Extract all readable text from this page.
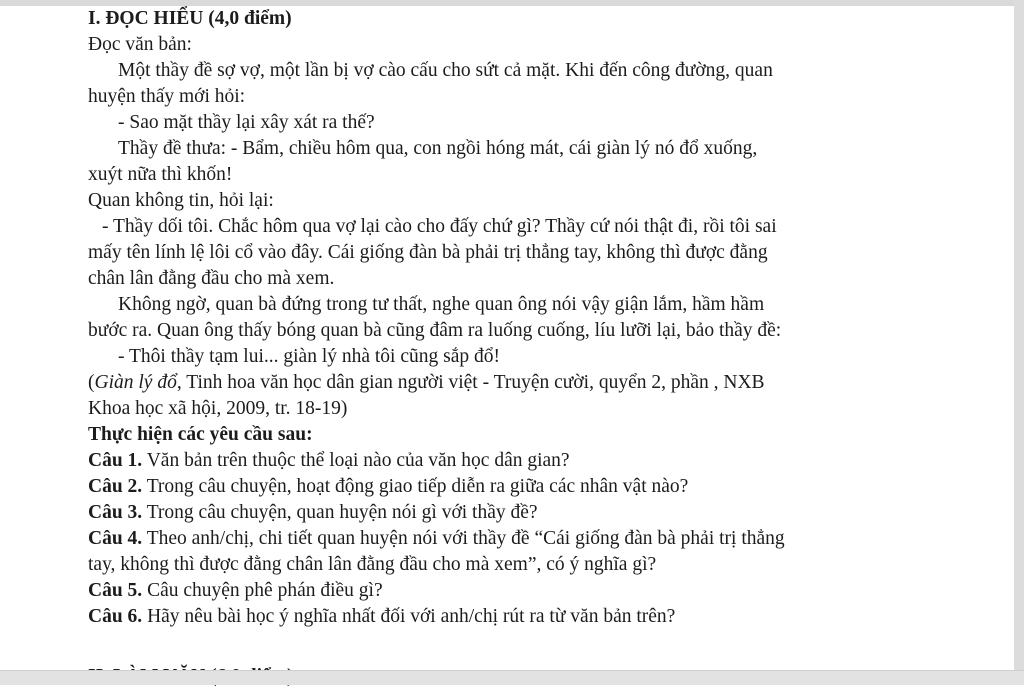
I. ĐỌC HIỂU (4,0 điểm)
Đọc văn bản:
Một thầy đề sợ vợ, một lần bị vợ cào cấu cho sứt cả mặt. Khi đến công đường, quan
huyện thấy mới hỏi:
- Sao mặt thầy lại xây xát ra thế?
Thầy đề thưa: - Bẩm, chiều hôm qua, con ngồi hóng mát, cái giàn lý nó đổ xuống,
xuýt nữa thì khốn!
Quan không tin, hỏi lại:
- Thầy dối tôi. Chắc hôm qua vợ lại cào cho đấy chứ gì? Thầy cứ nói thật đi, rồi tôi sai
mấy tên lính lệ lôi cổ vào đây. Cái giống đàn bà phải trị thẳng tay, không thì được đằng
chân lân đằng đầu cho mà xem.
Không ngờ, quan bà đứng trong tư thất, nghe quan ông nói vậy giận lắm, hầm hầm
bước ra. Quan ông thấy bóng quan bà cũng đâm ra luống cuống, líu lưỡi lại, bảo thầy đề:
- Thôi thầy tạm lui... giàn lý nhà tôi cũng sắp đổ!
(Giàn lý đổ, Tinh hoa văn học dân gian người việt - Truyện cười, quyển 2, phần , NXB
Khoa học xã hội, 2009, tr. 18-19)
Thực hiện các yêu cầu sau:
Câu 1. Văn bản trên thuộc thể loại nào của văn học dân gian?
Câu 2. Trong câu chuyện, hoạt động giao tiếp diễn ra giữa các nhân vật nào?
Câu 3. Trong câu chuyện, quan huyện nói gì với thầy đề?
Câu 4. Theo anh/chị, chi tiết quan huyện nói với thầy đề “Cái giống đàn bà phải trị thẳng
tay, không thì được đằng chân lân đằng đầu cho mà xem”, có ý nghĩa gì?
Câu 5. Câu chuyện phê phán điều gì?
Câu 6. Hãy nêu bài học ý nghĩa nhất đối với anh/chị rút ra từ văn bản trên?
